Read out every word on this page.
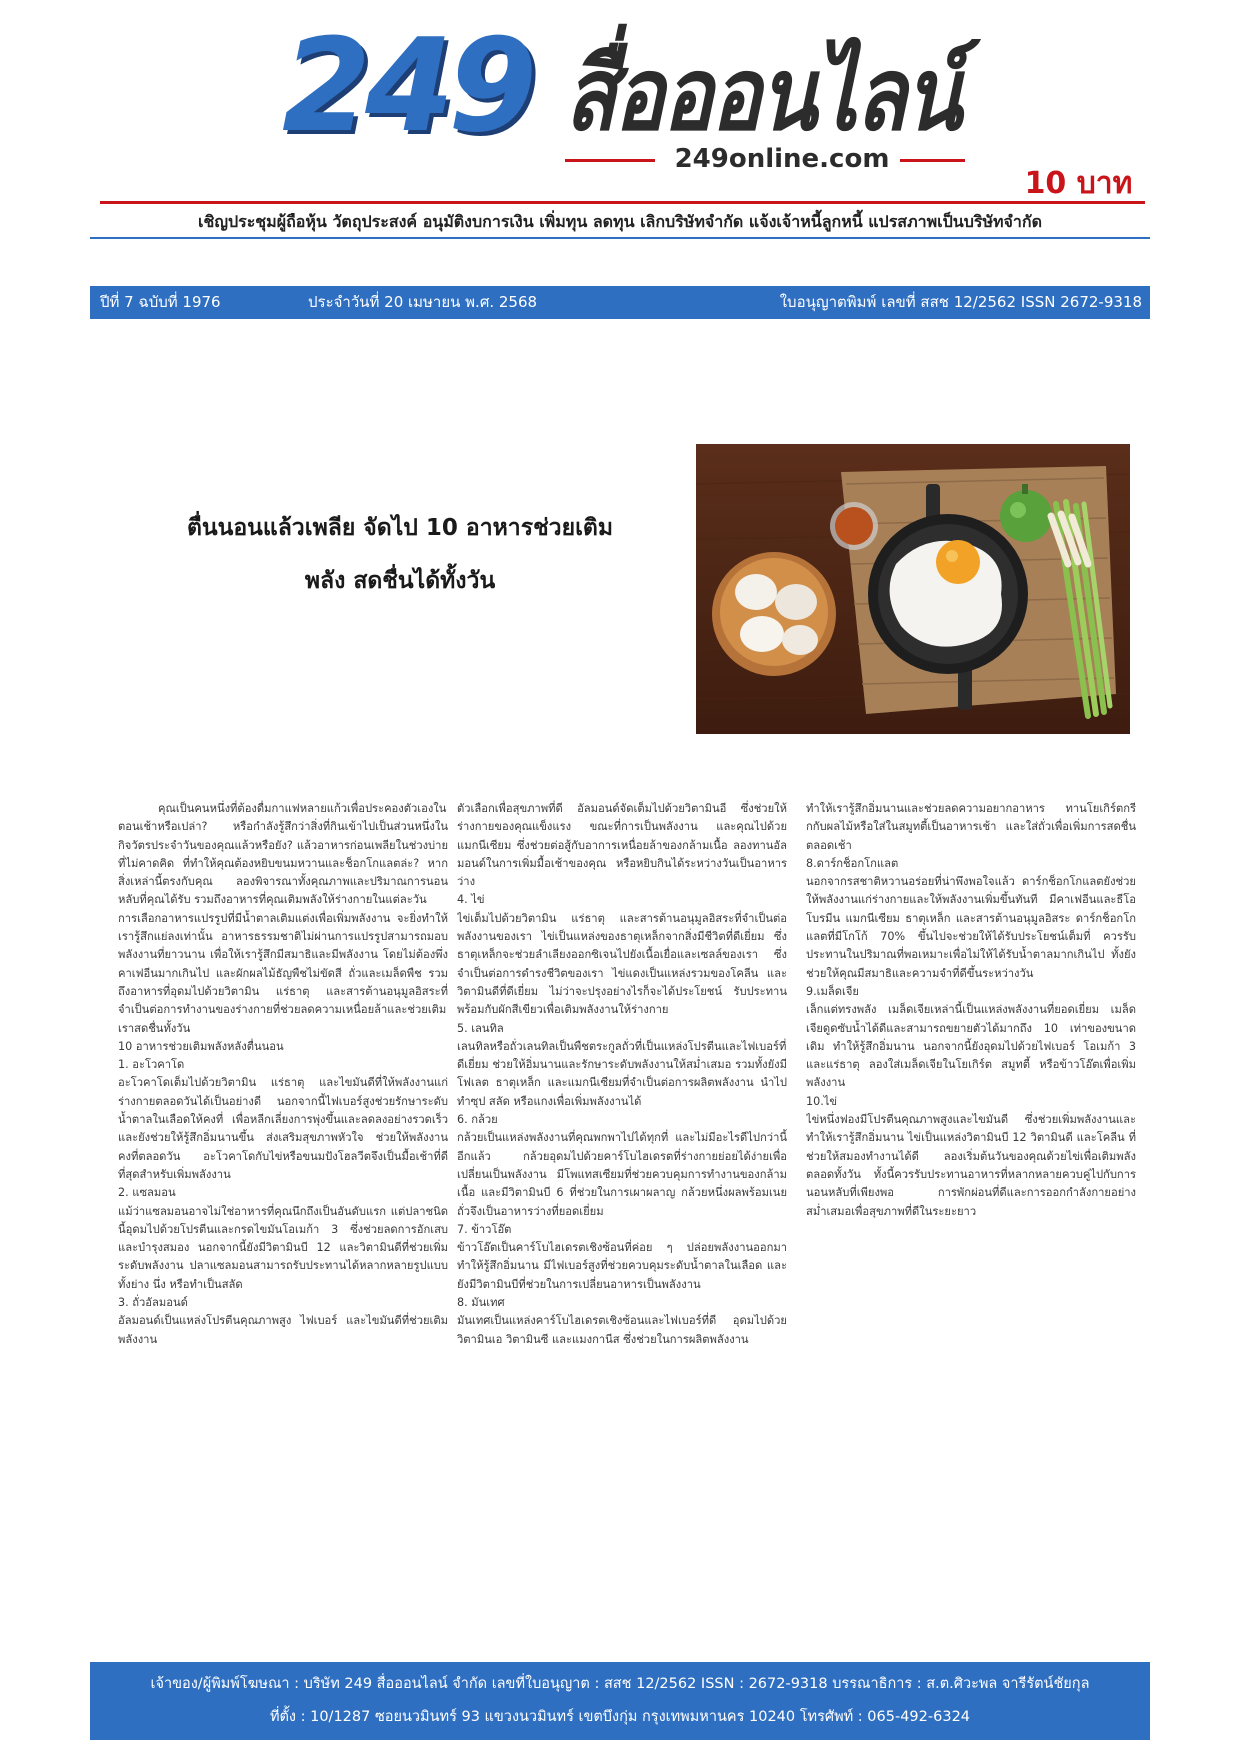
249 สื่อออนไลน์
249online.com
10 บาท
เชิญประชุมผู้ถือหุ้น วัตถุประสงค์ อนุมัติงบการเงิน เพิ่มทุน ลดทุน เลิกบริษัทจำกัด แจ้งเจ้าหนี้ลูกหนี้ แปรสภาพเป็นบริษัทจำกัด
ปีที่ 7 ฉบับที่ 1976	ประจำวันที่ 20 เมษายน พ.ศ. 2568	ใบอนุญาตพิมพ์ เลขที่ สสช 12/2562 ISSN 2672-9318
ตื่นนอนแล้วเพลีย จัดไป 10 อาหารช่วยเติม
พลัง สดชื่นได้ทั้งวัน

คุณเป็นคนหนึ่งที่ต้องดื่มกาแฟหลายแก้วเพื่อประคองตัวเองในตอนเช้าหรือเปล่า? หรือกำลังรู้สึกว่าสิ่งที่กินเข้าไปเป็นส่วนหนึ่งในกิจวัตรประจำวันของคุณแล้วหรือยัง? แล้วอาหารก่อนเพลียในช่วงบ่ายที่ไม่คาดคิด ที่ทำให้คุณต้องหยิบขนมหวานและช็อกโกแลตล่ะ? หากสิ่งเหล่านี้ตรงกับคุณ ลองพิจารณาทั้งคุณภาพและปริมาณการนอนหลับที่คุณได้รับ รวมถึงอาหารที่คุณเติมพลังให้ร่างกายในแต่ละวัน

การเลือกอาหารแปรรูปที่มีน้ำตาลเติมแต่งเพื่อเพิ่มพลังงาน จะยิ่งทำให้เรารู้สึกแย่ลงเท่านั้น อาหารธรรมชาติไม่ผ่านการแปรรูปสามารถมอบพลังงานที่ยาวนาน เพื่อให้เรารู้สึกมีสมาธิและมีพลังงาน โดยไม่ต้องพึ่งคาเฟอีนมากเกินไป และผักผลไม้ธัญพืชไม่ขัดสี ถั่วและเมล็ดพืช รวมถึงอาหารที่อุดมไปด้วยวิตามิน แร่ธาตุ และสารต้านอนุมูลอิสระที่จำเป็นต่อการทำงานของร่างกายที่ช่วยลดความเหนื่อยล้าและช่วยเติมเราสดชื่นทั้งวัน

10 อาหารช่วยเติมพลังหลังตื่นนอน

1. อะโวคาโด

อะโวคาโดเต็มไปด้วยวิตามิน แร่ธาตุ และไขมันดีที่ให้พลังงานแก่ร่างกายตลอดวันได้เป็นอย่างดี นอกจากนี้ไฟเบอร์สูงช่วยรักษาระดับน้ำตาลในเลือดให้คงที่ เพื่อหลีกเลี่ยงการพุ่งขึ้นและลดลงอย่างรวดเร็ว และยังช่วยให้รู้สึกอิ่มนานขึ้น ส่งเสริมสุขภาพหัวใจ ช่วยให้พลังงานคงที่ตลอดวัน อะโวคาโดกับไข่หรือขนมปังโฮลวีตจึงเป็นมื้อเช้าที่ดีที่สุดสำหรับเพิ่มพลังงาน

2. แซลมอน

แม้ว่าแซลมอนอาจไม่ใช่อาหารที่คุณนึกถึงเป็นอันดับแรก แต่ปลาชนิดนี้อุดมไปด้วยโปรตีนและกรดไขมันโอเมก้า 3 ซึ่งช่วยลดการอักเสบและบำรุงสมอง นอกจากนี้ยังมีวิตามินบี 12 และวิตามินดีที่ช่วยเพิ่มระดับพลังงาน ปลาแซลมอนสามารถรับประทานได้หลากหลายรูปแบบ ทั้งย่าง นึ่ง หรือทำเป็นสลัด

3. ถั่วอัลมอนด์

อัลมอนด์เป็นแหล่งโปรตีนคุณภาพสูง ไฟเบอร์ และไขมันดีที่ช่วยเติมพลังงาน

ตัวเลือกเพื่อสุขภาพที่ดี อัลมอนด์จัดเต็มไปด้วยวิตามินอี ซึ่งช่วยให้ร่างกายของคุณแข็งแรง ขณะที่การเป็นพลังงาน และคุณไปด้วยแมกนีเซียม ซึ่งช่วยต่อสู้กับอาการเหนื่อยล้าของกล้ามเนื้อ ลองทานอัลมอนด์ในการเพิ่มมื้อเช้าของคุณ หรือหยิบกินได้ระหว่างวันเป็นอาหารว่าง

4. ไข่

ไข่เต็มไปด้วยวิตามิน แร่ธาตุ และสารต้านอนุมูลอิสระที่จำเป็นต่อพลังงานของเรา ไข่เป็นแหล่งของธาตุเหล็กจากสิ่งมีชีวิตที่ดีเยี่ยม ซึ่งธาตุเหล็กจะช่วยลำเลียงออกซิเจนไปยังเนื้อเยื่อและเซลล์ของเรา ซึ่งจำเป็นต่อการดำรงชีวิตของเรา ไข่แดงเป็นแหล่งรวมของโคลีน และวิตามินดีที่ดีเยี่ยม ไม่ว่าจะปรุงอย่างไรก็จะได้ประโยชน์ รับประทานพร้อมกับผักสีเขียวเพื่อเติมพลังงานให้ร่างกาย

5. เลนทิล

เลนทิลหรือถั่วเลนทิลเป็นพืชตระกูลถั่วที่เป็นแหล่งโปรตีนและไฟเบอร์ที่ดีเยี่ยม ช่วยให้อิ่มนานและรักษาระดับพลังงานให้สม่ำเสมอ รวมทั้งยังมีโฟเลต ธาตุเหล็ก และแมกนีเซียมที่จำเป็นต่อการผลิตพลังงาน นำไปทำซุป สลัด หรือแกงเพื่อเพิ่มพลังงานได้

6. กล้วย

กล้วยเป็นแหล่งพลังงานที่คุณพกพาไปได้ทุกที่ และไม่มีอะไรดีไปกว่านี้อีกแล้ว กล้วยอุดมไปด้วยคาร์โบไฮเดรตที่ร่างกายย่อยได้ง่ายเพื่อเปลี่ยนเป็นพลังงาน มีโพแทสเซียมที่ช่วยควบคุมการทำงานของกล้ามเนื้อ และมีวิตามินบี 6 ที่ช่วยในการเผาผลาญ กล้วยหนึ่งผลพร้อมเนยถั่วจึงเป็นอาหารว่างที่ยอดเยี่ยม

7. ข้าวโอ๊ต

ข้าวโอ๊ตเป็นคาร์โบไฮเดรตเชิงซ้อนที่ค่อย ๆ ปล่อยพลังงานออกมา ทำให้รู้สึกอิ่มนาน มีไฟเบอร์สูงที่ช่วยควบคุมระดับน้ำตาลในเลือด และยังมีวิตามินบีที่ช่วยในการเปลี่ยนอาหารเป็นพลังงาน

8. มันเทศ

มันเทศเป็นแหล่งคาร์โบไฮเดรตเชิงซ้อนและไฟเบอร์ที่ดี อุดมไปด้วยวิตามินเอ วิตามินซี และแมงกานีส ซึ่งช่วยในการผลิตพลังงาน

ทำให้เรารู้สึกอิ่มนานและช่วยลดความอยากอาหาร ทานโยเกิร์ตกรีกกับผลไม้หรือใส่ในสมูทตี้เป็นอาหารเช้า และใส่ถั่วเพื่อเพิ่มการสดชื่นตลอดเช้า

8.ดาร์กช็อกโกแลต

นอกจากรสชาติหวานอร่อยที่น่าพึงพอใจแล้ว ดาร์กช็อกโกแลตยังช่วยให้พลังงานแก่ร่างกายและให้พลังงานเพิ่มขึ้นทันที มีคาเฟอีนและธีโอโบรมีน แมกนีเซียม ธาตุเหล็ก และสารต้านอนุมูลอิสระ ดาร์กช็อกโกแลตที่มีโกโก้ 70% ขึ้นไปจะช่วยให้ได้รับประโยชน์เต็มที่ ควรรับประทานในปริมาณที่พอเหมาะเพื่อไม่ให้ได้รับน้ำตาลมากเกินไป ทั้งยังช่วยให้คุณมีสมาธิและความจำที่ดีขึ้นระหว่างวัน

9.เมล็ดเจีย

เล็กแต่ทรงพลัง เมล็ดเจียเหล่านี้เป็นแหล่งพลังงานที่ยอดเยี่ยม เมล็ดเจียดูดซับน้ำได้ดีและสามารถขยายตัวได้มากถึง 10 เท่าของขนาดเดิม ทำให้รู้สึกอิ่มนาน นอกจากนี้ยังอุดมไปด้วยไฟเบอร์ โอเมก้า 3 และแร่ธาตุ ลองใส่เมล็ดเจียในโยเกิร์ต สมูทตี้ หรือข้าวโอ๊ตเพื่อเพิ่มพลังงาน

10.ไข่

ไข่หนึ่งฟองมีโปรตีนคุณภาพสูงและไขมันดี ซึ่งช่วยเพิ่มพลังงานและทำให้เรารู้สึกอิ่มนาน ไข่เป็นแหล่งวิตามินบี 12 วิตามินดี และโคลีน ที่ช่วยให้สมองทำงานได้ดี ลองเริ่มต้นวันของคุณด้วยไข่เพื่อเติมพลังตลอดทั้งวัน ทั้งนี้ควรรับประทานอาหารที่หลากหลายควบคู่ไปกับการนอนหลับที่เพียงพอ การพักผ่อนที่ดีและการออกกำลังกายอย่างสม่ำเสมอเพื่อสุขภาพที่ดีในระยะยาว

เจ้าของ/ผู้พิมพ์โฆษณา : บริษัท 249 สื่อออนไลน์ จำกัด เลขที่ใบอนุญาต : สสช 12/2562 ISSN : 2672-9318 บรรณาธิการ : ส.ต.ศิวะพล จารีรัตน์ชัยกุล
ที่ตั้ง : 10/1287 ซอยนวมินทร์ 93 แขวงนวมินทร์ เขตบึงกุ่ม กรุงเทพมหานคร 10240 โทรศัพท์ : 065-492-6324
